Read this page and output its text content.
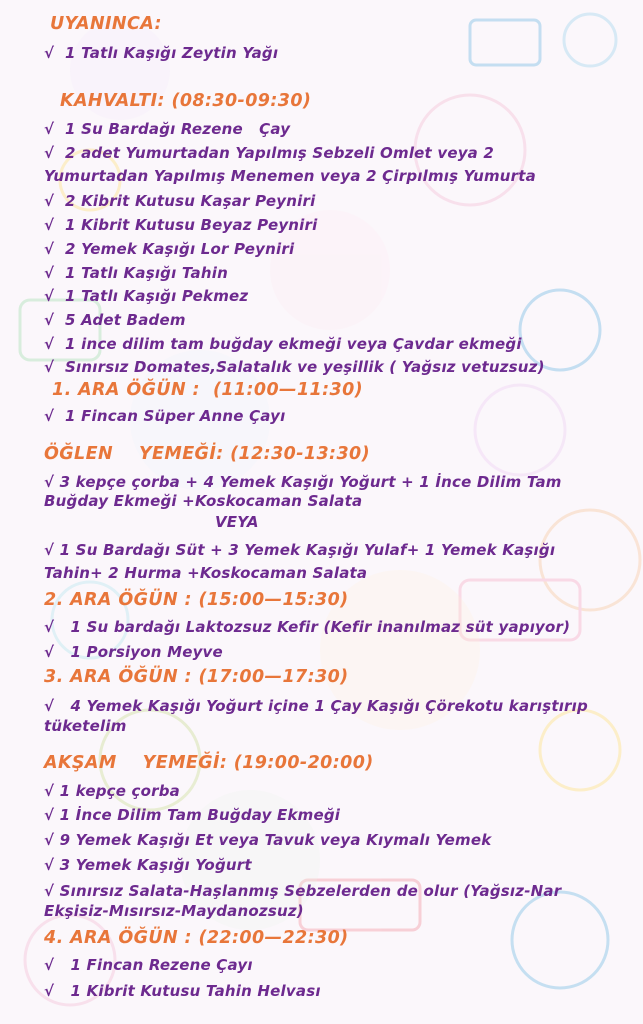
UYANINCA:
√  1 Tatlı Kaşığı Zeytin Yağı
KAHVALTI: (08:30-09:30)
√  1 Su Bardağı Rezene   Çay
√  2 adet Yumurtadan Yapılmış Sebzeli Omlet veya 2
Yumurtadan Yapılmış Menemen veya 2 Çirpılmış Yumurta
√  2 Kibrit Kutusu Kaşar Peyniri
√  1 Kibrit Kutusu Beyaz Peyniri
√  2 Yemek Kaşığı Lor Peyniri
√  1 Tatlı Kaşığı Tahin
√  1 Tatlı Kaşığı Pekmez
√  5 Adet Badem
√  1 ince dilim tam buğday ekmeği veya Çavdar ekmeği
√  Sınırsız Domates,Salatalık ve yeşillik ( Yağsız vetuzsuz)
1. ARA ÖĞÜN :  (11:00—11:30)
√  1 Fincan Süper Anne Çayı
ÖĞLEN    YEMEĞİ: (12:30-13:30)
√ 3 kepçe çorba + 4 Yemek Kaşığı Yoğurt + 1 İnce Dilim Tam
Buğday Ekmeği +Koskocaman Salata
VEYA
√ 1 Su Bardağı Süt + 3 Yemek Kaşığı Yulaf+ 1 Yemek Kaşığı
Tahin+ 2 Hurma +Koskocaman Salata
2. ARA ÖĞÜN : (15:00—15:30)
√   1 Su bardağı Laktozsuz Kefir (Kefir inanılmaz süt yapıyor)
√   1 Porsiyon Meyve
3. ARA ÖĞÜN : (17:00—17:30)
√   4 Yemek Kaşığı Yoğurt içine 1 Çay Kaşığı Çörekotu karıştırıp
tüketelim
AKŞAM    YEMEĞİ: (19:00-20:00)
√ 1 kepçe çorba
√ 1 İnce Dilim Tam Buğday Ekmeği
√ 9 Yemek Kaşığı Et veya Tavuk veya Kıymalı Yemek
√ 3 Yemek Kaşığı Yoğurt
√ Sınırsız Salata-Haşlanmış Sebzelerden de olur (Yağsız-Nar
Ekşisiz-Mısırsız-Maydanozsuz)
4. ARA ÖĞÜN : (22:00—22:30)
√   1 Fincan Rezene Çayı
√   1 Kibrit Kutusu Tahin Helvası
